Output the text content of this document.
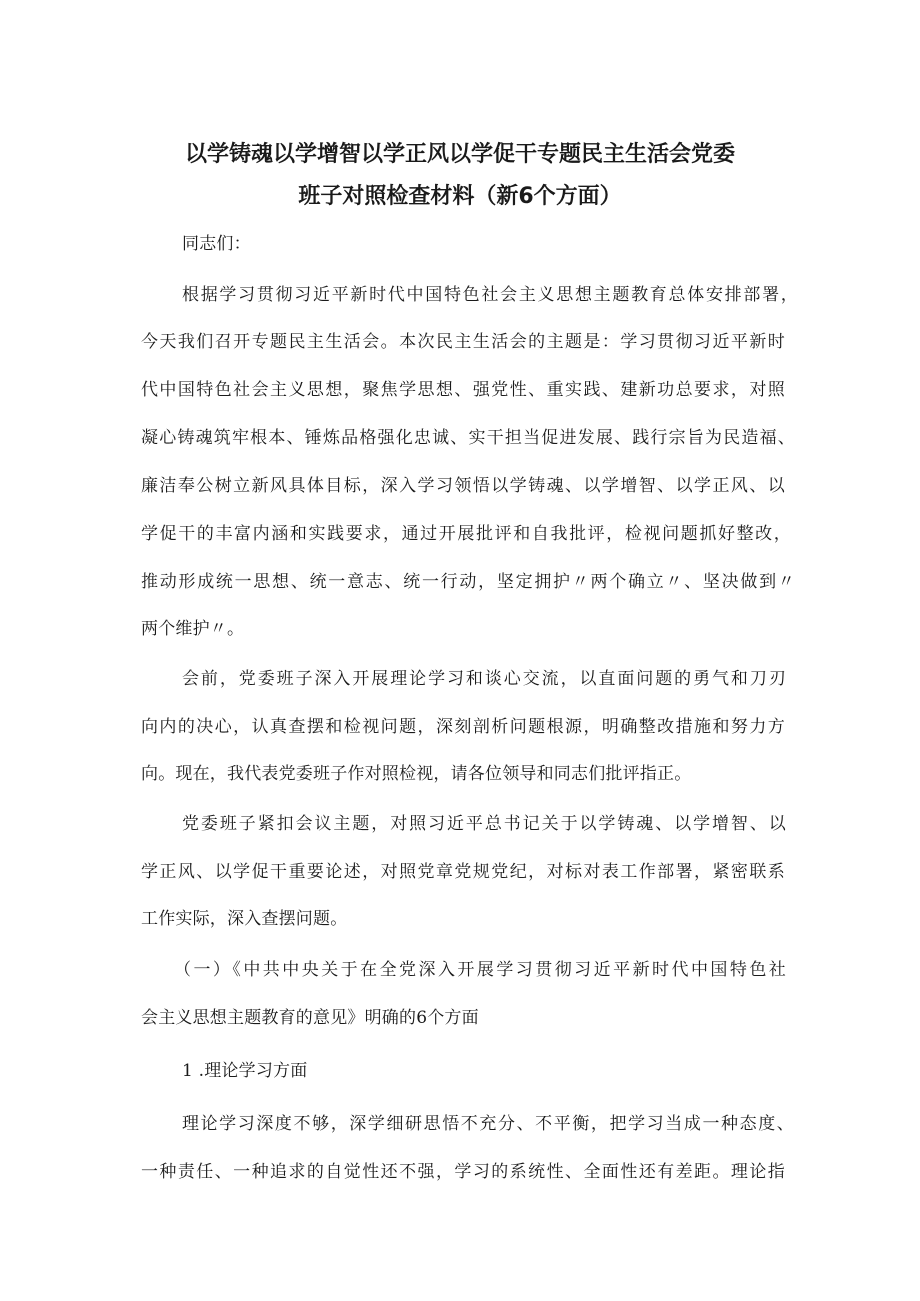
以学铸魂以学增智以学正风以学促干专题民主生活会党委
班子对照检查材料（新6个方面）
同志们：
根据学习贯彻习近平新时代中国特色社会主义思想主题教育总体安排部署，
今天我们召开专题民主生活会。本次民主生活会的主题是：学习贯彻习近平新时
代中国特色社会主义思想，聚焦学思想、强党性、重实践、建新功总要求，对照
凝心铸魂筑牢根本、锤炼品格强化忠诚、实干担当促进发展、践行宗旨为民造福、
廉洁奉公树立新风具体目标，深入学习领悟以学铸魂、以学增智、以学正风、以
学促干的丰富内涵和实践要求，通过开展批评和自我批评，检视问题抓好整改，
推动形成统一思想、统一意志、统一行动，坚定拥护〃两个确立〃、坚决做到〃
两个维护〃。
会前，党委班子深入开展理论学习和谈心交流，以直面问题的勇气和刀刃
向内的决心，认真查摆和检视问题，深刻剖析问题根源，明确整改措施和努力方
向。现在，我代表党委班子作对照检视，请各位领导和同志们批评指正。
党委班子紧扣会议主题，对照习近平总书记关于以学铸魂、以学增智、以
学正风、以学促干重要论述，对照党章党规党纪，对标对表工作部署，紧密联系
工作实际，深入查摆问题。
（一）《中共中央关于在全党深入开展学习贯彻习近平新时代中国特色社
会主义思想主题教育的意见》明确的6个方面
1 .理论学习方面
理论学习深度不够，深学细研思悟不充分、不平衡，把学习当成一种态度、
一种责任、一种追求的自觉性还不强，学习的系统性、全面性还有差距。理论指
